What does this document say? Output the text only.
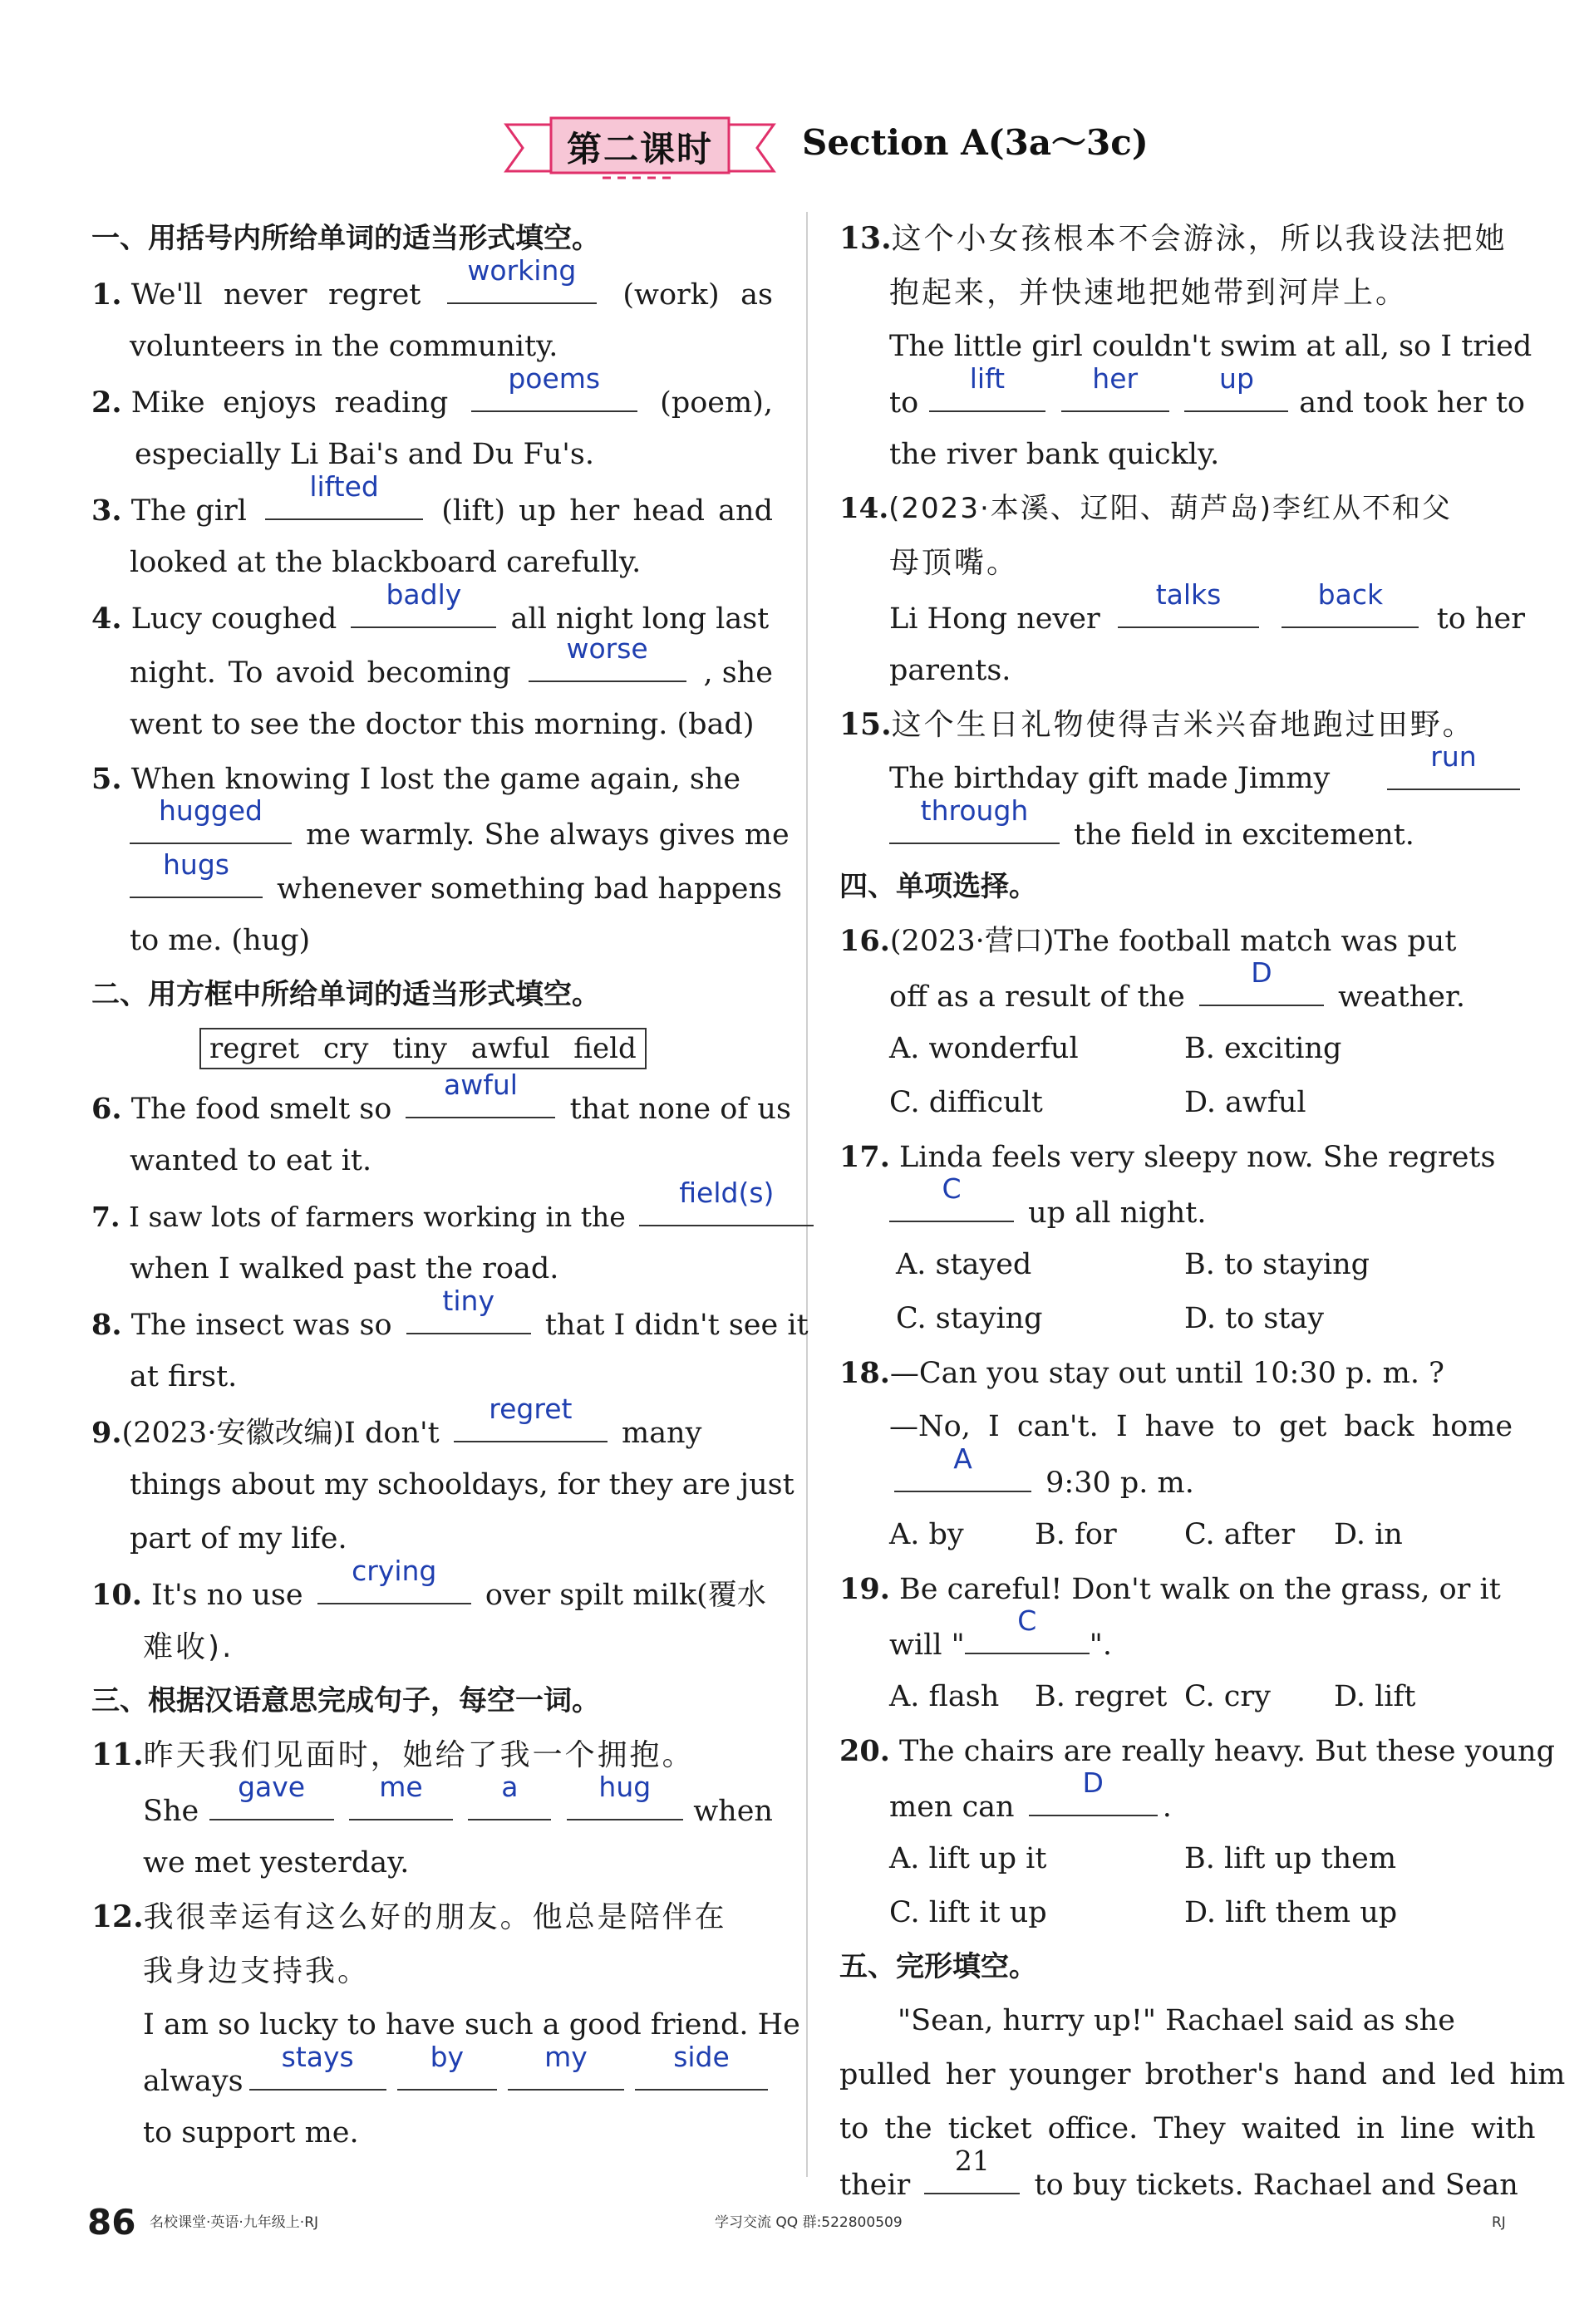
第二课时	Section A(3a～3c)
一、用括号内所给单词的适当形式填空。
1. We'll never regret
working
(work) as
volunteers in the community.
2. Mike enjoys reading
poems
(poem),
especially Li Bai's and Du Fu's.
3. The girl
lifted
(lift) up her head and
looked at the blackboard carefully.
4. Lucy coughed
badly
all night long last
night. To avoid becoming
worse
, she
went to see the doctor this morning. (bad)
5. When knowing I lost the game again, she
hugged
me warmly. She always gives me
hugs
whenever something bad happens
to me. (hug)
二、用方框中所给单词的适当形式填空。
regret cry tiny awful field
6. The food smelt so
awful
that none of us
wanted to eat it.
7. I saw lots of farmers working in the
field(s)
when I walked past the road.
8. The insect was so
tiny
that I didn't see it
at first.
9.(2023·安徽改编)I don't
regret
many
things about my schooldays, for they are just
part of my life.
10. It's no use
crying
over spilt milk(覆水
难收).
三、根据汉语意思完成句子，每空一词。
11.昨天我们见面时，她给了我一个拥抱。
She
gave	me	a	hug
when
we met yesterday.
12.我很幸运有这么好的朋友。他总是陪伴在
我身边支持我。
I am so lucky to have such a good friend. He
always
stays	by	my	side
to support me.
13.这个小女孩根本不会游泳，所以我设法把她
抱起来，并快速地把她带到河岸上。
The little girl couldn't swim at all, so I tried
to
lift	her	up
and took her to
the river bank quickly.
14.(2023·本溪、辽阳、葫芦岛)李红从不和父
母顶嘴。
Li Hong never
talks	back
to her
parents.
15.这个生日礼物使得吉米兴奋地跑过田野。
The birthday gift made Jimmy
run
through
the field in excitement.
四、单项选择。
16.(2023·营口)The football match was put
off as a result of the
D
weather.
A. wonderful	B. exciting
C. difficult	D. awful
17. Linda feels very sleepy now. She regrets
C
up all night.
A. stayed	B. to staying
C. staying	D. to stay
18.—Can you stay out until 10:30 p. m. ?
—No, I can't. I have to get back home
A
9:30 p. m.
A. by	B. for	C. after	D. in
19. Be careful! Don't walk on the grass, or it
will "
C
".
A. flash	B. regret C. cry	D. lift
20. The chairs are really heavy. But these young
men can
D
.
A. lift up it	B. lift up them
C. lift it up	D. lift them up
五、完形填空。
"Sean, hurry up!" Rachael said as she
pulled her younger brother's hand and led him
to the ticket office. They waited in line with
their
21
to buy tickets. Rachael and Sean
86 名校课堂·英语·九年级上·RJ	学习交流 QQ 群:522800509	RJ
